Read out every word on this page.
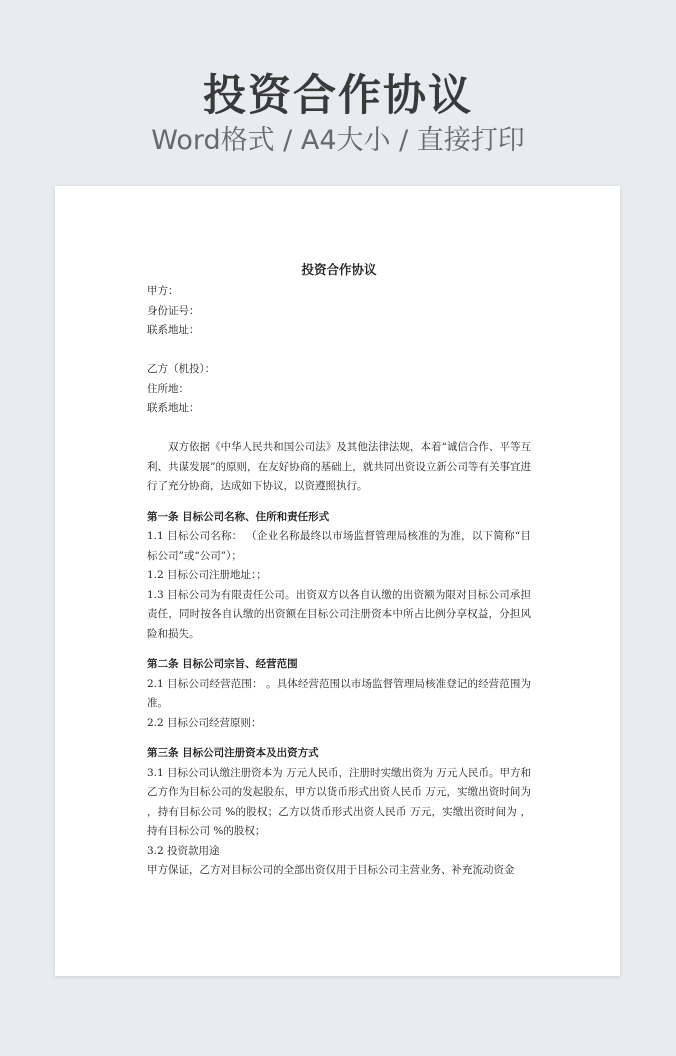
投资合作协议
Word格式 / A4大小 / 直接打印
投资合作协议
甲方：
身份证号：
联系地址：
乙方（机投）：
住所地：
联系地址：
双方依据《中华人民共和国公司法》及其他法律法规，本着“诚信合作、平等互利、共谋发展”的原则，在友好协商的基础上，就共同出资设立新公司等有关事宜进行了充分协商，达成如下协议，以资遵照执行。
第一条 目标公司名称、住所和责任形式
1.1 目标公司名称： （企业名称最终以市场监督管理局核准的为准，以下简称“目标公司”或“公司”）；
1.2 目标公司注册地址：；
1.3 目标公司为有限责任公司。出资双方以各自认缴的出资额为限对目标公司承担责任，同时按各自认缴的出资额在目标公司注册资本中所占比例分享权益，分担风险和损失。
第二条 目标公司宗旨、经营范围
2.1 目标公司经营范围： 。具体经营范围以市场监督管理局核准登记的经营范围为准。
2.2 目标公司经营原则：
第三条 目标公司注册资本及出资方式
3.1 目标公司认缴注册资本为 万元人民币，注册时实缴出资为 万元人民币。甲方和乙方作为目标公司的发起股东，甲方以货币形式出资人民币 万元，实缴出资时间为 ，持有目标公司 %的股权；乙方以货币形式出资人民币 万元，实缴出资时间为 ，持有目标公司 %的股权；
3.2 投资款用途
甲方保证，乙方对目标公司的全部出资仅用于目标公司主营业务、补充流动资金
